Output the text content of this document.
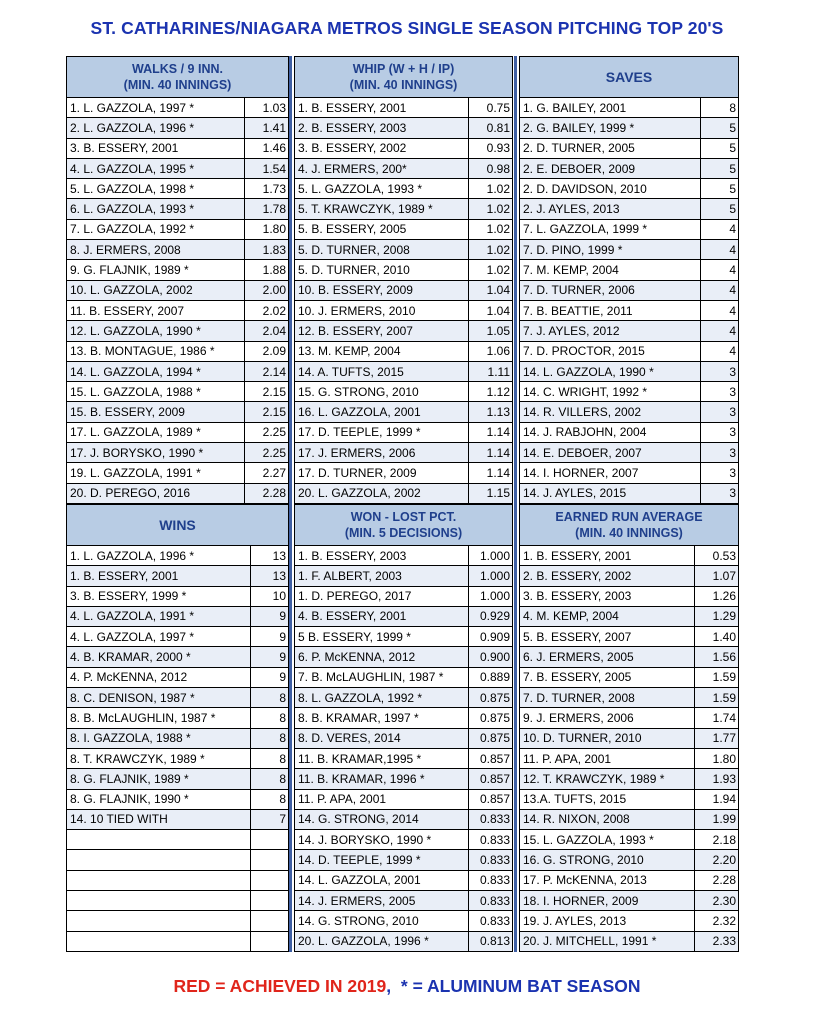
ST. CATHARINES/NIAGARA METROS SINGLE SEASON PITCHING TOP 20'S
WALKS / 9 INN.
(MIN. 40 INNINGS)	

1. L. GAZZOLA, 1997 *	1.03
2. L. GAZZOLA, 1996 *	1.41
3. B. ESSERY, 2001	1.46
4. L. GAZZOLA, 1995 *	1.54
5. L. GAZZOLA, 1998 *	1.73
6. L. GAZZOLA, 1993 *	1.78
7. L. GAZZOLA, 1992 *	1.80
8. J. ERMERS, 2008	1.83
9. G. FLAJNIK, 1989 *	1.88
10. L. GAZZOLA, 2002	2.00
11. B. ESSERY, 2007	2.02
12. L. GAZZOLA, 1990 *	2.04
13. B. MONTAGUE, 1986 *	2.09
14. L. GAZZOLA, 1994 *	2.14
15. L. GAZZOLA, 1988 *	2.15
15. B. ESSERY, 2009	2.15
17. L. GAZZOLA, 1989 *	2.25
17. J. BORYSKO, 1990 *	2.25
19. L. GAZZOLA, 1991 *	2.27
20. D. PEREGO, 2016	2.28
WINS	

1. L. GAZZOLA, 1996 *	13
1. B. ESSERY, 2001	13
3. B. ESSERY, 1999 *	10
4. L. GAZZOLA, 1991 *	9
4. L. GAZZOLA, 1997 *	9
4. B. KRAMAR, 2000 *	9
4. P. McKENNA, 2012	9
8. C. DENISON, 1987 *	8
8. B. McLAUGHLIN, 1987 *	8
8. I. GAZZOLA, 1988 *	8
8. T. KRAWCZYK, 1989 *	8
8. G. FLAJNIK, 1989 *	8
8. G. FLAJNIK, 1990 *	8
14. 10 TIED WITH	7

WHIP (W + H / IP)
(MIN. 40 INNINGS)	

1. B. ESSERY, 2001	0.75
2. B. ESSERY, 2003	0.81
3. B. ESSERY, 2002	0.93
4. J. ERMERS, 200*	0.98
5. L. GAZZOLA, 1993 *	1.02
5. T. KRAWCZYK, 1989 *	1.02
5. B. ESSERY, 2005	1.02
5. D. TURNER, 2008	1.02
5. D. TURNER, 2010	1.02
10. B. ESSERY, 2009	1.04
10. J. ERMERS, 2010	1.04
12. B. ESSERY, 2007	1.05
13. M. KEMP, 2004	1.06
14. A. TUFTS, 2015	1.11
15. G. STRONG, 2010	1.12
16. L. GAZZOLA, 2001	1.13
17. D. TEEPLE, 1999 *	1.14
17. J. ERMERS, 2006	1.14
17. D. TURNER, 2009	1.14
20. L. GAZZOLA, 2002	1.15
WON - LOST PCT.
(MIN. 5 DECISIONS)	

1. B. ESSERY, 2003	1.000
1. F. ALBERT, 2003	1.000
1. D. PEREGO, 2017	1.000
4. B. ESSERY, 2001	0.929
5 B. ESSERY, 1999 *	0.909
6. P. McKENNA, 2012	0.900
7. B. McLAUGHLIN, 1987 *	0.889
8. L. GAZZOLA, 1992 *	0.875
8. B. KRAMAR, 1997 *	0.875
8. D. VERES, 2014	0.875
11. B. KRAMAR,1995 *	0.857
11. B. KRAMAR, 1996 *	0.857
11. P. APA, 2001	0.857
14. G. STRONG, 2014	0.833
14. J. BORYSKO, 1990 *	0.833
14. D. TEEPLE, 1999 *	0.833
14. L. GAZZOLA, 2001	0.833
14. J. ERMERS, 2005	0.833
14. G. STRONG, 2010	0.833
20. L. GAZZOLA, 1996 *	0.813
SAVES	

1. G. BAILEY, 2001	8
2. G. BAILEY, 1999 *	5
2. D. TURNER, 2005	5
2. E. DEBOER, 2009	5
2. D. DAVIDSON, 2010	5
2. J. AYLES, 2013	5
7. L. GAZZOLA, 1999 *	4
7. D. PINO, 1999 *	4
7. M. KEMP, 2004	4
7. D. TURNER, 2006	4
7. B. BEATTIE, 2011	4
7. J. AYLES, 2012	4
7. D. PROCTOR, 2015	4
14. L. GAZZOLA, 1990 *	3
14. C. WRIGHT, 1992 *	3
14. R. VILLERS, 2002	3
14. J. RABJOHN, 2004	3
14. E. DEBOER, 2007	3
14. I. HORNER, 2007	3
14. J. AYLES, 2015	3
EARNED RUN AVERAGE
(MIN. 40 INNINGS)	

1. B. ESSERY, 2001	0.53
2. B. ESSERY, 2002	1.07
3. B. ESSERY, 2003	1.26
4. M. KEMP, 2004	1.29
5. B. ESSERY, 2007	1.40
6. J. ERMERS, 2005	1.56
7. B. ESSERY, 2005	1.59
7. D. TURNER, 2008	1.59
9. J. ERMERS, 2006	1.74
10. D. TURNER, 2010	1.77
11. P. APA, 2001	1.80
12. T. KRAWCZYK, 1989 *	1.93
13.A. TUFTS, 2015	1.94
14. R. NIXON, 2008	1.99
15. L. GAZZOLA, 1993 *	2.18
16. G. STRONG, 2010	2.20
17. P. McKENNA, 2013	2.28
18. I. HORNER, 2009	2.30
19. J. AYLES, 2013	2.32
20. J. MITCHELL, 1991 *	2.33
RED = ACHIEVED IN 2019, * = ALUMINUM BAT SEASON
